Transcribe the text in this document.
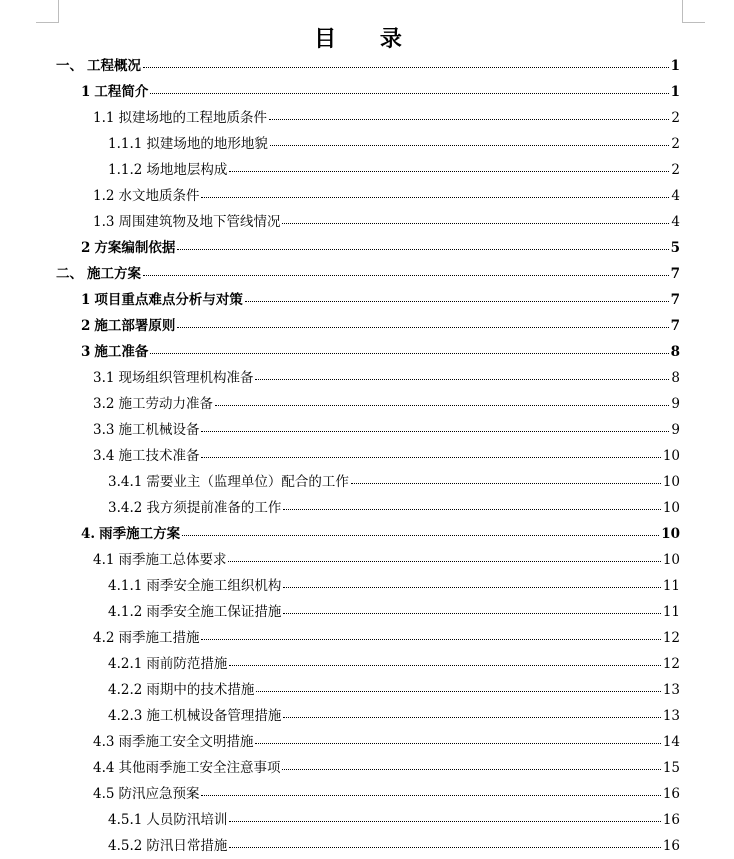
目 录
一、 工程概况	1
1 工程简介	1
1.1 拟建场地的工程地质条件	2
1.1.1 拟建场地的地形地貌	2
1.1.2 场地地层构成	2
1.2 水文地质条件	4
1.3 周围建筑物及地下管线情况	4
2 方案编制依据	5
二、 施工方案	7
1 项目重点难点分析与对策	7
2 施工部署原则	7
3 施工准备	8
3.1 现场组织管理机构准备	8
3.2 施工劳动力准备	9
3.3 施工机械设备	9
3.4 施工技术准备	10
3.4.1 需要业主（监理单位）配合的工作	10
3.4.2 我方须提前准备的工作	10
4. 雨季施工方案	10
4.1 雨季施工总体要求	10
4.1.1 雨季安全施工组织机构	11
4.1.2 雨季安全施工保证措施	11
4.2 雨季施工措施	12
4.2.1 雨前防范措施	12
4.2.2 雨期中的技术措施	13
4.2.3 施工机械设备管理措施	13
4.3 雨季施工安全文明措施	14
4.4 其他雨季施工安全注意事项	15
4.5 防汛应急预案	16
4.5.1 人员防汛培训	16
4.5.2 防汛日常措施	16
